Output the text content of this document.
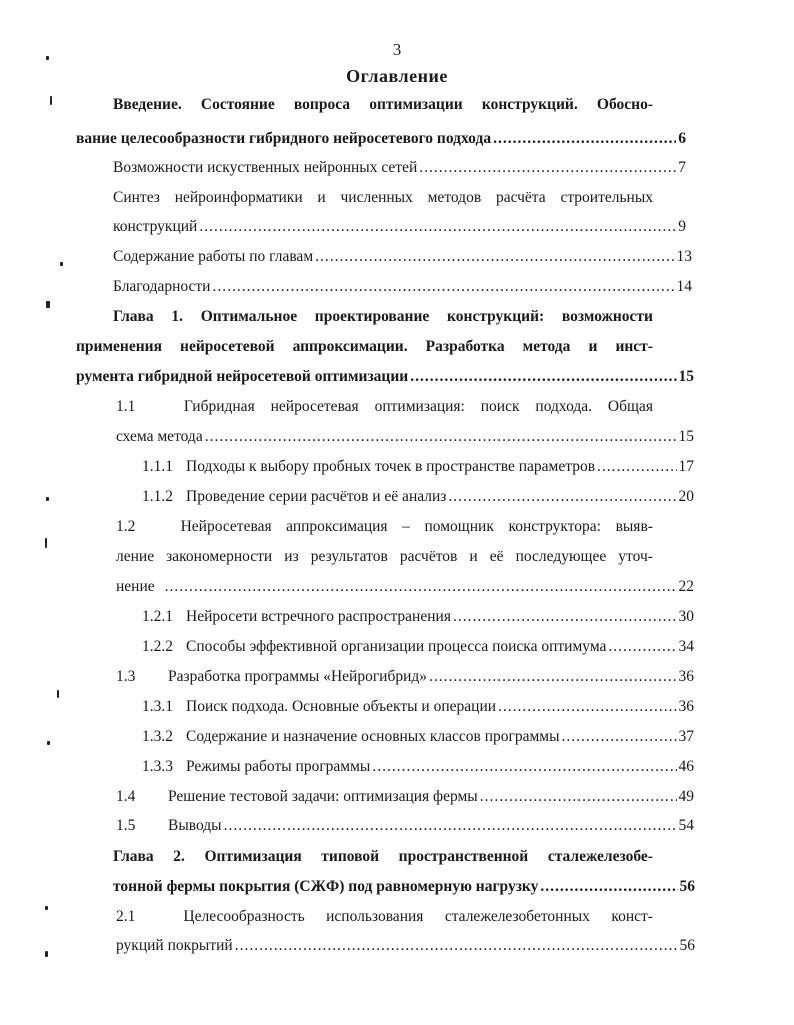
3
Оглавление
Введение. Состояние вопроса оптимизации конструкций. Обосно-
вание целесообразности гибридного нейросетевого подхода .....	6
Возможности искуственных нейронных сетей .....	7
Синтез нейроинформатики и численных методов расчёта строительных
конструкций .....	9
Содержание работы по главам .....	13
Благодарности .....	14
Глава 1. Оптимальное проектирование конструкций: возможности
применения нейросетевой аппроксимации. Разработка метода и инст-
румента гибридной нейросетевой оптимизации .....	15
1.1	Гибридная нейросетевая оптимизация: поиск подхода. Общая
схема метода .....	15
1.1.1 Подходы к выбору пробных точек в пространстве параметров .....	17
1.1.2 Проведение серии расчётов и её анализ .....	20
1.2	Нейросетевая аппроксимация – помощник конструктора: выяв-
ление закономерности из результатов расчётов и её последующее уточ-
нение .....	22
1.2.1 Нейросети встречного распространения .....	30
1.2.2 Способы эффективной организации процесса поиска оптимума .....	34
1.3	Разработка программы «Нейрогибрид» .....	36
1.3.1 Поиск подхода. Основные объекты и операции .....	36
1.3.2 Содержание и назначение основных классов программы .....	37
1.3.3 Режимы работы программы .....	46
1.4	Решение тестовой задачи: оптимизация фермы .....	49
1.5	Выводы .....	54
Глава 2. Оптимизация типовой пространственной сталежелезобе-
тонной фермы покрытия (СЖФ) под равномерную нагрузку .....	56
2.1	Целесообразность использования сталежелезобетонных конст-
рукций покрытий .....	56
